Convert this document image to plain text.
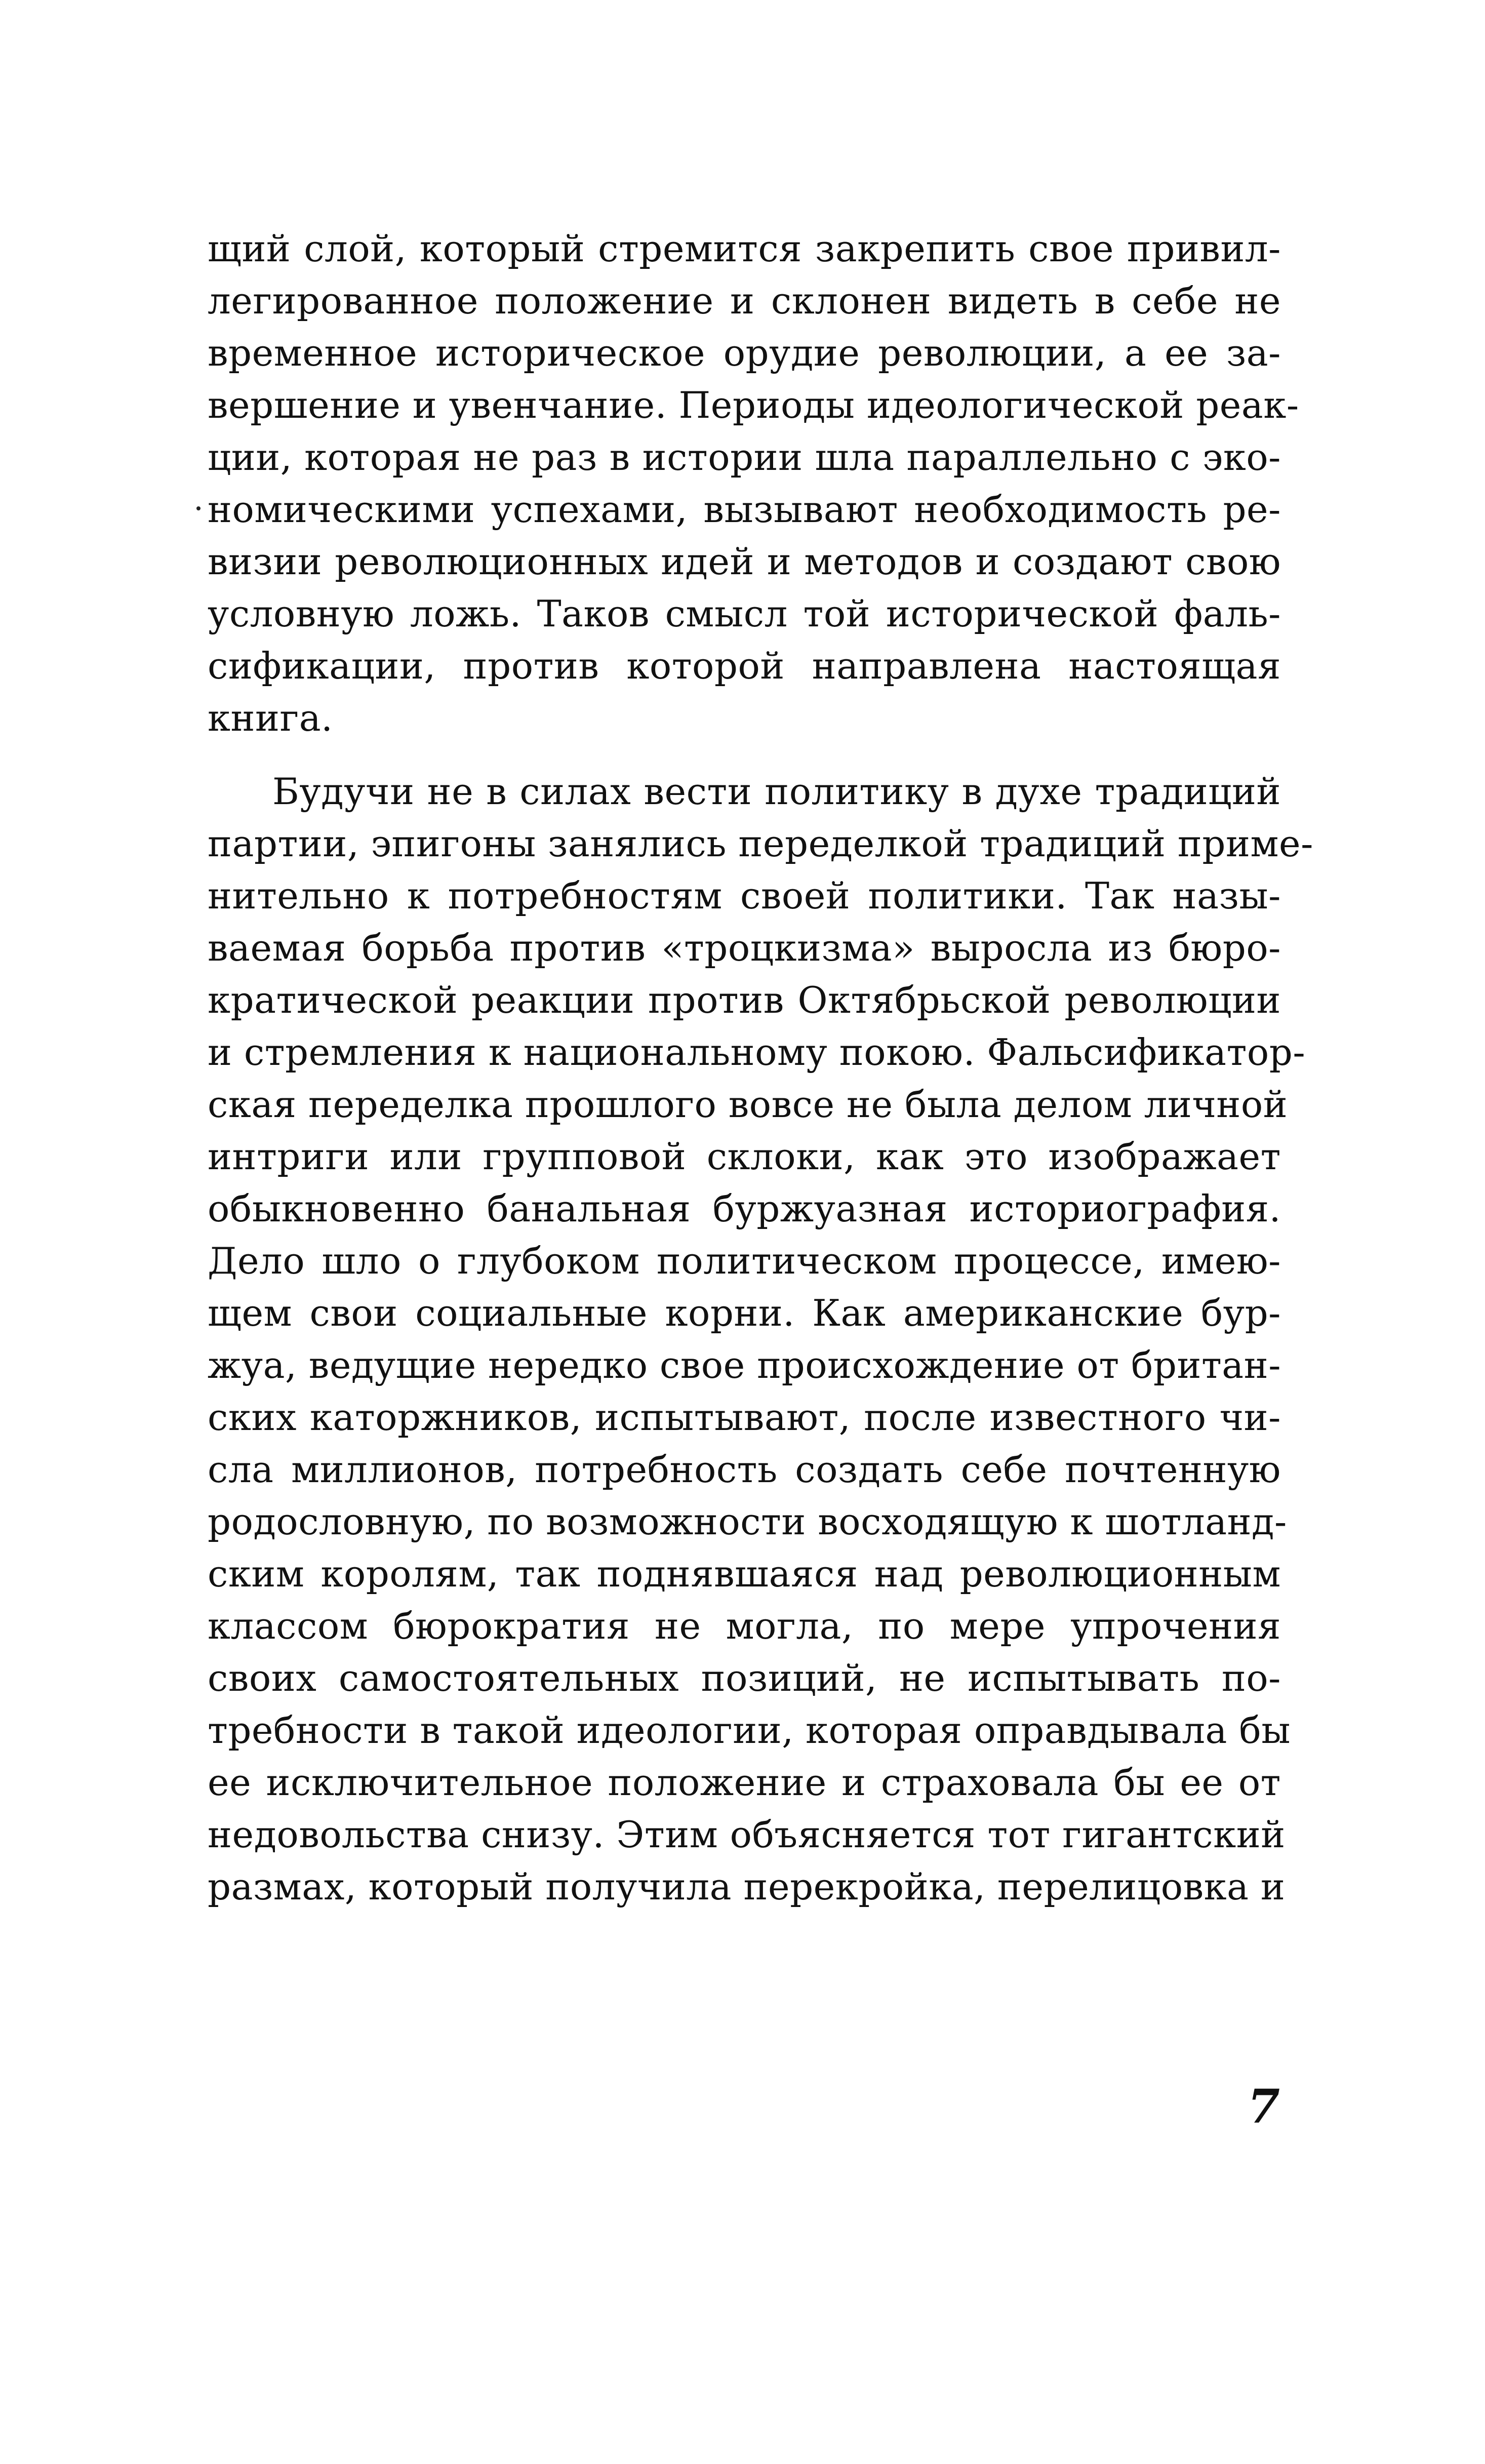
щий слой, который стремится закрепить свое привил-
легированное положение и склонен видеть в себе не
временное историческое орудие революции, а ее за-
вершение и увенчание. Периоды идеологической реак-
ции, которая не раз в истории шла параллельно с эко-
номическими успехами, вызывают необходимость ре-
визии революционных идей и методов и создают свою
условную ложь. Таков смысл той исторической фаль-
сификации, против которой направлена настоящая
книга.
Будучи не в силах вести политику в духе традиций
партии, эпигоны занялись переделкой традиций приме-
нительно к потребностям своей политики. Так назы-
ваемая борьба против «троцкизма» выросла из бюро-
кратической реакции против Октябрьской революции
и стремления к национальному покою. Фальсификатор-
ская переделка прошлого вовсе не была делом личной
интриги или групповой склоки, как это изображает
обыкновенно банальная буржуазная историография.
Дело шло о глубоком политическом процессе, имею-
щем свои социальные корни. Как американские бур-
жуа, ведущие нередко свое происхождение от британ-
ских каторжников, испытывают, после известного чи-
сла миллионов, потребность создать себе почтенную
родословную, по возможности восходящую к шотланд-
ским королям, так поднявшаяся над революционным
классом бюрократия не могла, по мере упрочения
своих самостоятельных позиций, не испытывать по-
требности в такой идеологии, которая оправдывала бы
ее исключительное положение и страховала бы ее от
недовольства снизу. Этим объясняется тот гигантский
размах, который получила перекройка, перелицовка и
7
